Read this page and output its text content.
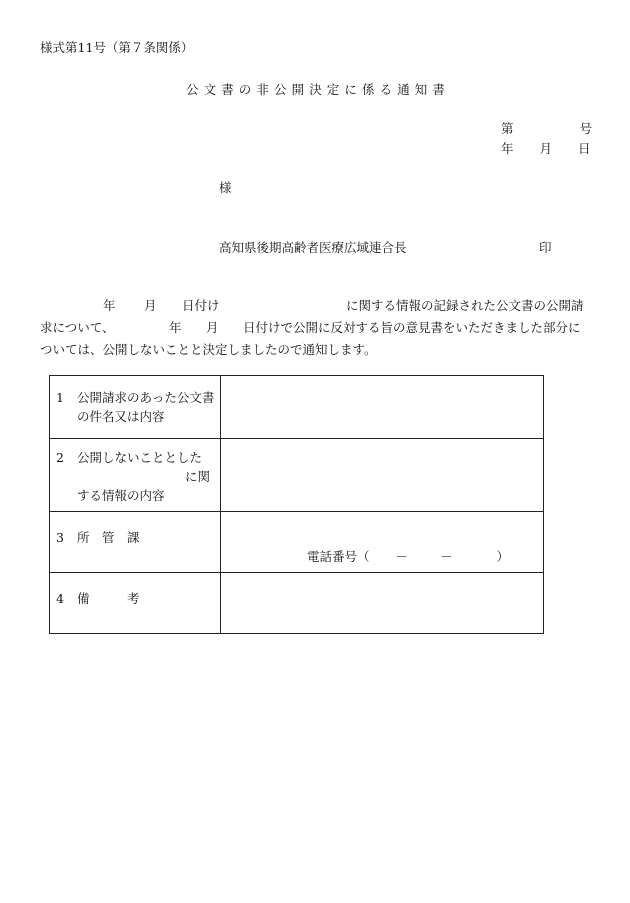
様式第11号（第７条関係）
公文書の非公開決定に係る通知書
第	号
年 月 日
様
高知県後期高齢者医療広域連合長	印
年 月 日付け	に関する情報の記録された公文書の公開請
求について、	年 月 日付けで公開に反対する旨の意見書をいただきました部分に
ついては、公開しないことと決定しましたので通知します。
1 公開請求のあった公文書
の件名又は内容	

2 公開しないこととした
に関
する情報の内容	

3 所　管　課	電話番号（ － － ）

4 備　　　考	
